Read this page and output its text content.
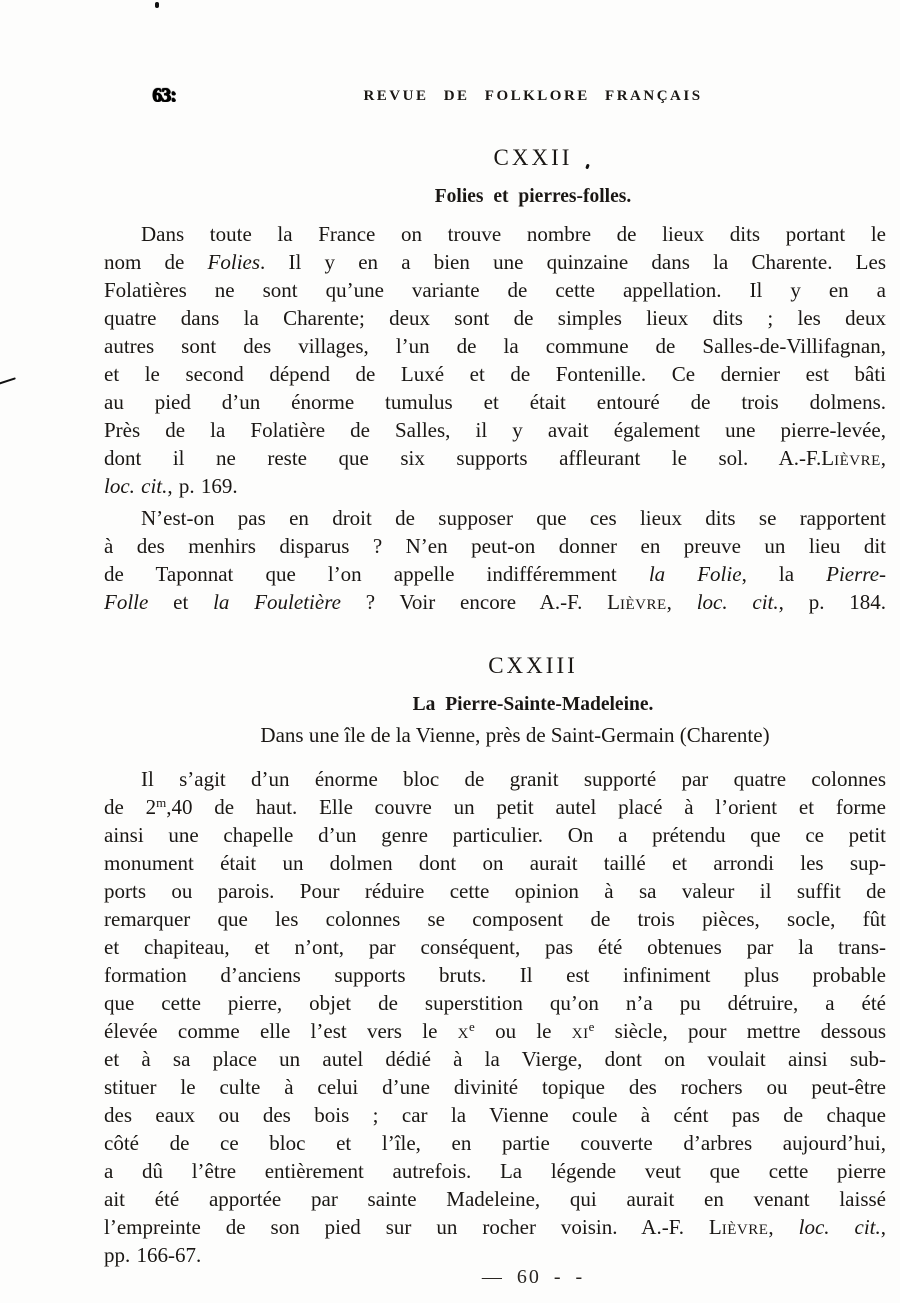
63:	REVUE DE FOLKLORE FRANÇAIS
CXXII
Folies et pierres-folles.
Dans toute la France on trouve nombre de lieux dits portant le
nom de Folies. Il y en a bien une quinzaine dans la Charente. Les
Folatières ne sont qu’une variante de cette appellation. Il y en a
quatre dans la Charente; deux sont de simples lieux dits ; les deux
autres sont des villages, l’un de la commune de Salles-de-Villifagnan,
et le second dépend de Luxé et de Fontenille. Ce dernier est bâti
au pied d’un énorme tumulus et était entouré de trois dolmens.
Près de la Folatière de Salles, il y avait également une pierre-levée,
dont il ne reste que six supports affleurant le sol. A.-F.Lièvre,
loc. cit., p. 169.
N’est-on pas en droit de supposer que ces lieux dits se rapportent
à des menhirs disparus ? N’en peut-on donner en preuve un lieu dit
de Taponnat que l’on appelle indifféremment la Folie, la Pierre-
Folle et la Fouletière ? Voir encore A.-F. Lièvre, loc. cit., p. 184.
CXXIII
La Pierre-Sainte-Madeleine.
Dans une île de la Vienne, près de Saint-Germain (Charente)
Il s’agit d’un énorme bloc de granit supporté par quatre colonnes
de 2$^m$,40 de haut. Elle couvre un petit autel placé à l’orient et forme
ainsi une chapelle d’un genre particulier. On a prétendu que ce petit
monument était un dolmen dont on aurait taillé et arrondi les sup-
ports ou parois. Pour réduire cette opinion à sa valeur il suffit de
remarquer que les colonnes se composent de trois pièces, socle, fût
et chapiteau, et n’ont, par conséquent, pas été obtenues par la trans-
formation d’anciens supports bruts. Il est infiniment plus probable
que cette pierre, objet de superstition qu’on n’a pu détruire, a été
élevée comme elle l’est vers le $x^e$ ou le $xi^e$ siècle, pour mettre dessous
et à sa place un autel dédié à la Vierge, dont on voulait ainsi sub-
stituer le culte à celui d’une divinité topique des rochers ou peut-être
des eaux ou des bois ; car la Vienne coule à cént pas de chaque
côté de ce bloc et l’île, en partie couverte d’arbres aujourd’hui,
a dû l’être entièrement autrefois. La légende veut que cette pierre
ait été apportée par sainte Madeleine, qui aurait en venant laissé
l’empreinte de son pied sur un rocher voisin. A.-F. Lièvre, loc. cit.,
pp. 166-67.
— 60 - -
